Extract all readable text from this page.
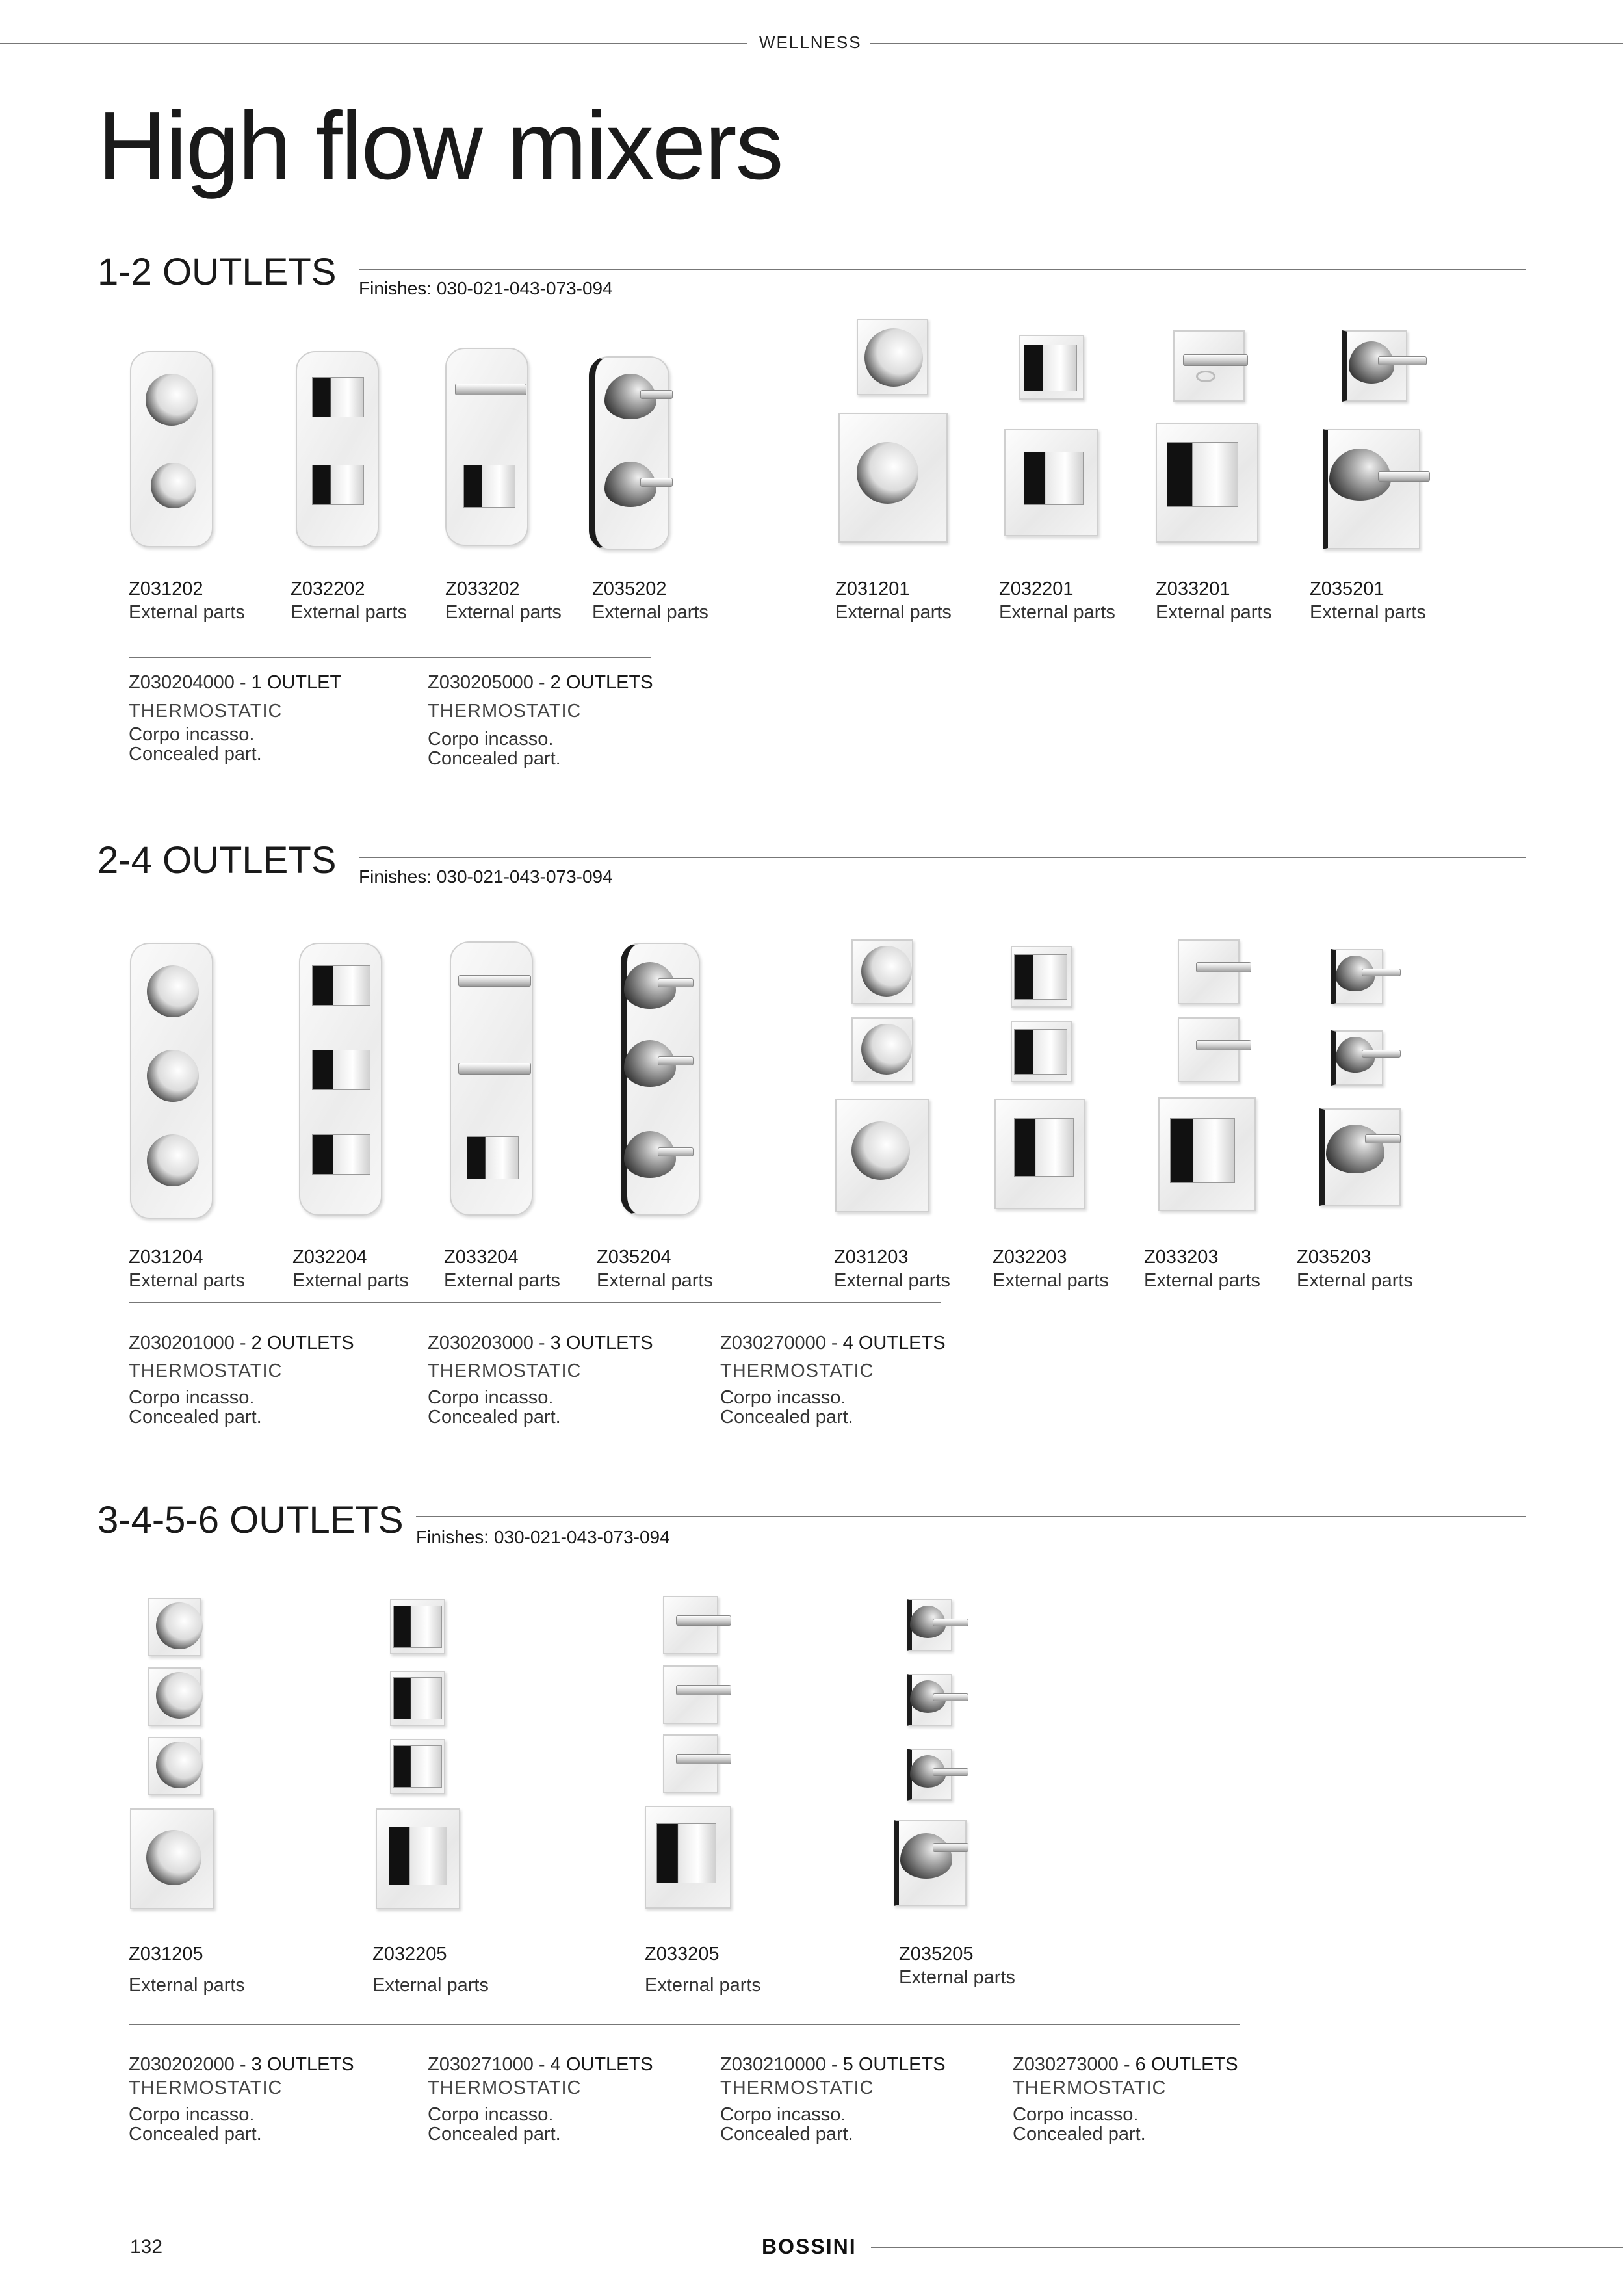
WELLNESS
High flow mixers
1-2 OUTLETS Finishes: 030-021-043-073-094
Z031202
External parts
Z032202
External parts
Z033202
External parts
Z035202
External parts
Z031201
External parts
Z032201
External parts
Z033201
External parts
Z035201
External parts
Z030204000 - 1 OUTLET
THERMOSTATIC
Corpo incasso.
Concealed part.
Z030205000 - 2 OUTLETS
THERMOSTATIC
Corpo incasso.
Concealed part.
2-4 OUTLETS Finishes: 030-021-043-073-094
Z031204
External parts
Z032204
External parts
Z033204
External parts
Z035204
External parts
Z031203
External parts
Z032203
External parts
Z033203
External parts
Z035203
External parts
Z030201000 - 2 OUTLETS
THERMOSTATIC
Corpo incasso.
Concealed part.
Z030203000 - 3 OUTLETS
THERMOSTATIC
Corpo incasso.
Concealed part.
Z030270000 - 4 OUTLETS
THERMOSTATIC
Corpo incasso.
Concealed part.
3-4-5-6 OUTLETS Finishes: 030-021-043-073-094
Z031205
External parts
Z032205
External parts
Z033205
External parts
Z035205
External parts
Z030202000 - 3 OUTLETS
THERMOSTATIC
Corpo incasso.
Concealed part.
Z030271000 - 4 OUTLETS
THERMOSTATIC
Corpo incasso.
Concealed part.
Z030210000 - 5 OUTLETS
THERMOSTATIC
Corpo incasso.
Concealed part.
Z030273000 - 6 OUTLETS
THERMOSTATIC
Corpo incasso.
Concealed part.
132	BOSSINI
